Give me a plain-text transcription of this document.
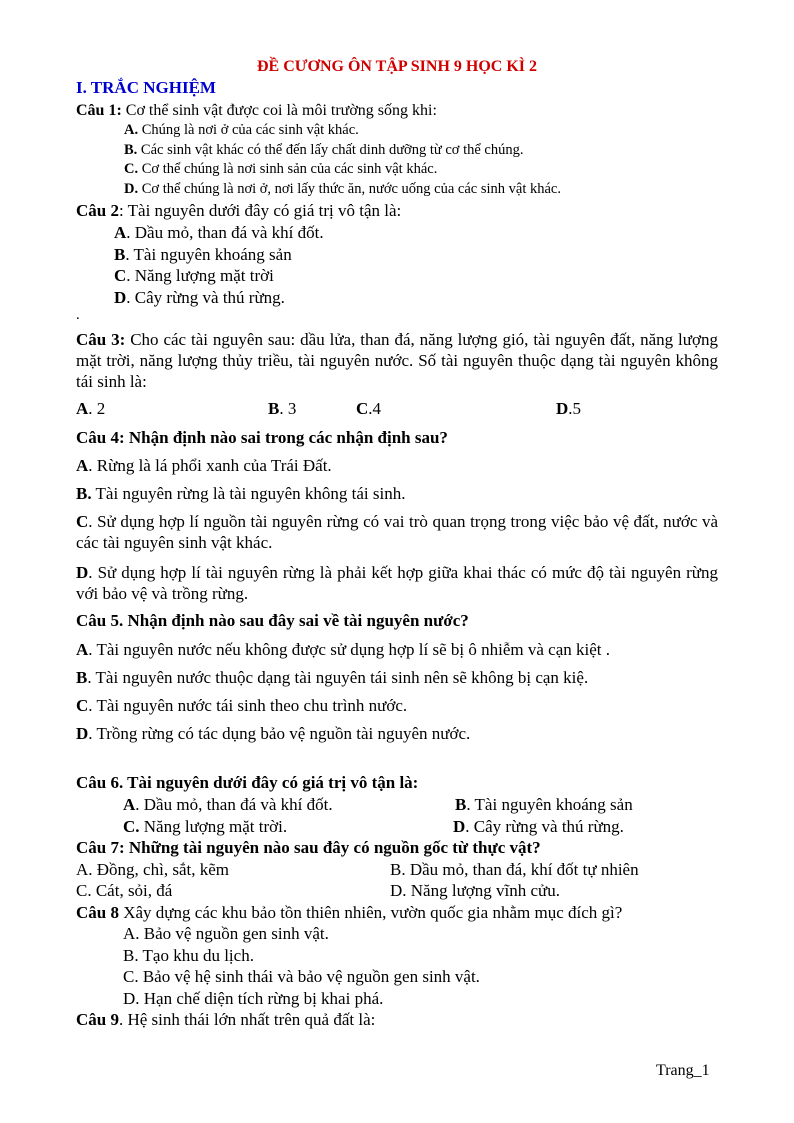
ĐỀ CƯƠNG ÔN TẬP SINH 9 HỌC KÌ 2
I. TRẮC NGHIỆM
Câu 1: Cơ thể sinh vật được coi là môi trường sống khi:
A. Chúng là nơi ở của các sinh vật khác.
B. Các sinh vật khác có thể đến lấy chất dinh dưỡng từ cơ thể chúng.
C. Cơ thể chúng là nơi sinh sản của các sinh vật khác.
D. Cơ thể chúng là nơi ở, nơi lấy thức ăn, nước uống của các sinh vật khác.
Câu 2: Tài nguyên dưới đây có giá trị vô tận là:
A. Dầu mỏ, than đá và khí đốt.
B. Tài nguyên khoáng sản
C. Năng lượng mặt trời
D. Cây rừng và thú rừng.
.
Câu 3: Cho các tài nguyên sau: dầu lửa, than đá, năng lượng gió, tài nguyên đất, năng lượng mặt trời, năng lượng thủy triều, tài nguyên nước. Số tài nguyên thuộc dạng tài nguyên không tái sinh là:
A. 2	B. 3	C.4	D.5
Câu 4: Nhận định nào sai trong các nhận định sau?
A. Rừng là lá phổi xanh của Trái Đất.
B. Tài nguyên rừng là tài nguyên không tái sinh.
C. Sử dụng hợp lí nguồn tài nguyên rừng có vai trò quan trọng trong việc bảo vệ đất, nước và các tài nguyên sinh vật khác.
D. Sử dụng hợp lí tài nguyên rừng là phải kết hợp giữa khai thác có mức độ tài nguyên rừng với bảo vệ và trồng rừng.
Câu 5. Nhận định nào sau đây sai về tài nguyên nước?
A. Tài nguyên nước nếu không được sử dụng hợp lí sẽ bị ô nhiễm và cạn kiệt .
B. Tài nguyên nước thuộc dạng tài nguyên tái sinh nên sẽ không bị cạn kiệ.
C. Tài nguyên nước tái sinh theo chu trình nước.
D. Trồng rừng có tác dụng bảo vệ nguồn tài nguyên nước.
Câu 6. Tài nguyên dưới đây có giá trị vô tận là:
A. Dầu mỏ, than đá và khí đốt.	B. Tài nguyên khoáng sản
C. Năng lượng mặt trời.	D. Cây rừng và thú rừng.
Câu 7: Những tài nguyên nào sau đây có nguồn gốc từ thực vật?
A. Đồng, chì, sắt, kẽm	B. Dầu mỏ, than đá, khí đốt tự nhiên
C. Cát, sỏi, đá	D. Năng lượng vĩnh cửu.
Câu 8 Xây dựng các khu bảo tồn thiên nhiên, vườn quốc gia nhằm mục đích gì?
A. Bảo vệ nguồn gen sinh vật.
B. Tạo khu du lịch.
C. Bảo vệ hệ sinh thái và bảo vệ nguồn gen sinh vật.
D. Hạn chế diện tích rừng bị khai phá.
Câu 9. Hệ sinh thái lớn nhất trên quả đất là:
Trang_1
